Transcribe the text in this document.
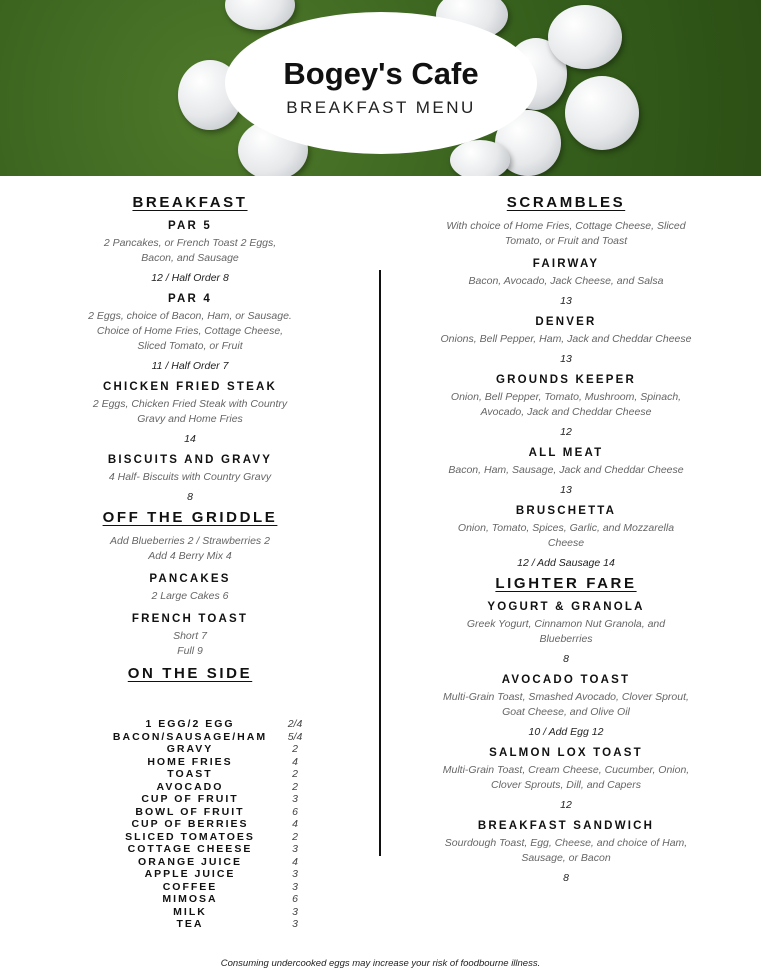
Bogey's Cafe
BREAKFAST MENU
BREAKFAST
PAR 5
2 Pancakes, or French Toast 2 Eggs, Bacon, and Sausage
12 / Half Order 8
PAR 4
2 Eggs, choice of Bacon, Ham, or Sausage. Choice of Home Fries, Cottage Cheese, Sliced Tomato, or Fruit
11 / Half Order 7
CHICKEN FRIED STEAK
2 Eggs, Chicken Fried Steak with Country Gravy and Home Fries
14
BISCUITS AND GRAVY
4 Half- Biscuits with Country Gravy
8
OFF THE GRIDDLE
Add Blueberries 2 / Strawberries 2
Add 4 Berry Mix 4
PANCAKES
2 Large Cakes 6
FRENCH TOAST
Short 7
Full 9
ON THE SIDE
1 EGG/2 EGG	2/4
BACON/SAUSAGE/HAM	5/4
GRAVY	2
HOME FRIES	4
TOAST	2
AVOCADO	2
CUP OF FRUIT	3
BOWL OF FRUIT	6
CUP OF BERRIES	4
SLICED TOMATOES	2
COTTAGE CHEESE	3
ORANGE JUICE	4
APPLE JUICE	3
COFFEE	3
MIMOSA	6
MILK	3
TEA	3
SCRAMBLES
With choice of Home Fries, Cottage Cheese, Sliced Tomato, or Fruit and Toast
FAIRWAY
Bacon, Avocado, Jack Cheese, and Salsa
13
DENVER
Onions, Bell Pepper, Ham, Jack and Cheddar Cheese
13
GROUNDS KEEPER
Onion, Bell Pepper, Tomato, Mushroom, Spinach, Avocado, Jack and Cheddar Cheese
12
ALL MEAT
Bacon, Ham, Sausage, Jack and Cheddar Cheese
13
BRUSCHETTA
Onion, Tomato, Spices, Garlic, and Mozzarella Cheese
12 / Add Sausage 14
LIGHTER FARE
YOGURT & GRANOLA
Greek Yogurt, Cinnamon Nut Granola, and Blueberries
8
AVOCADO TOAST
Multi-Grain Toast, Smashed Avocado, Clover Sprout, Goat Cheese, and Olive Oil
10 / Add Egg 12
SALMON LOX TOAST
Multi-Grain Toast, Cream Cheese, Cucumber, Onion, Clover Sprouts, Dill, and Capers
12
BREAKFAST SANDWICH
Sourdough Toast, Egg, Cheese, and choice of Ham, Sausage, or Bacon
8
Consuming undercooked eggs may increase your risk of foodbourne illness.
